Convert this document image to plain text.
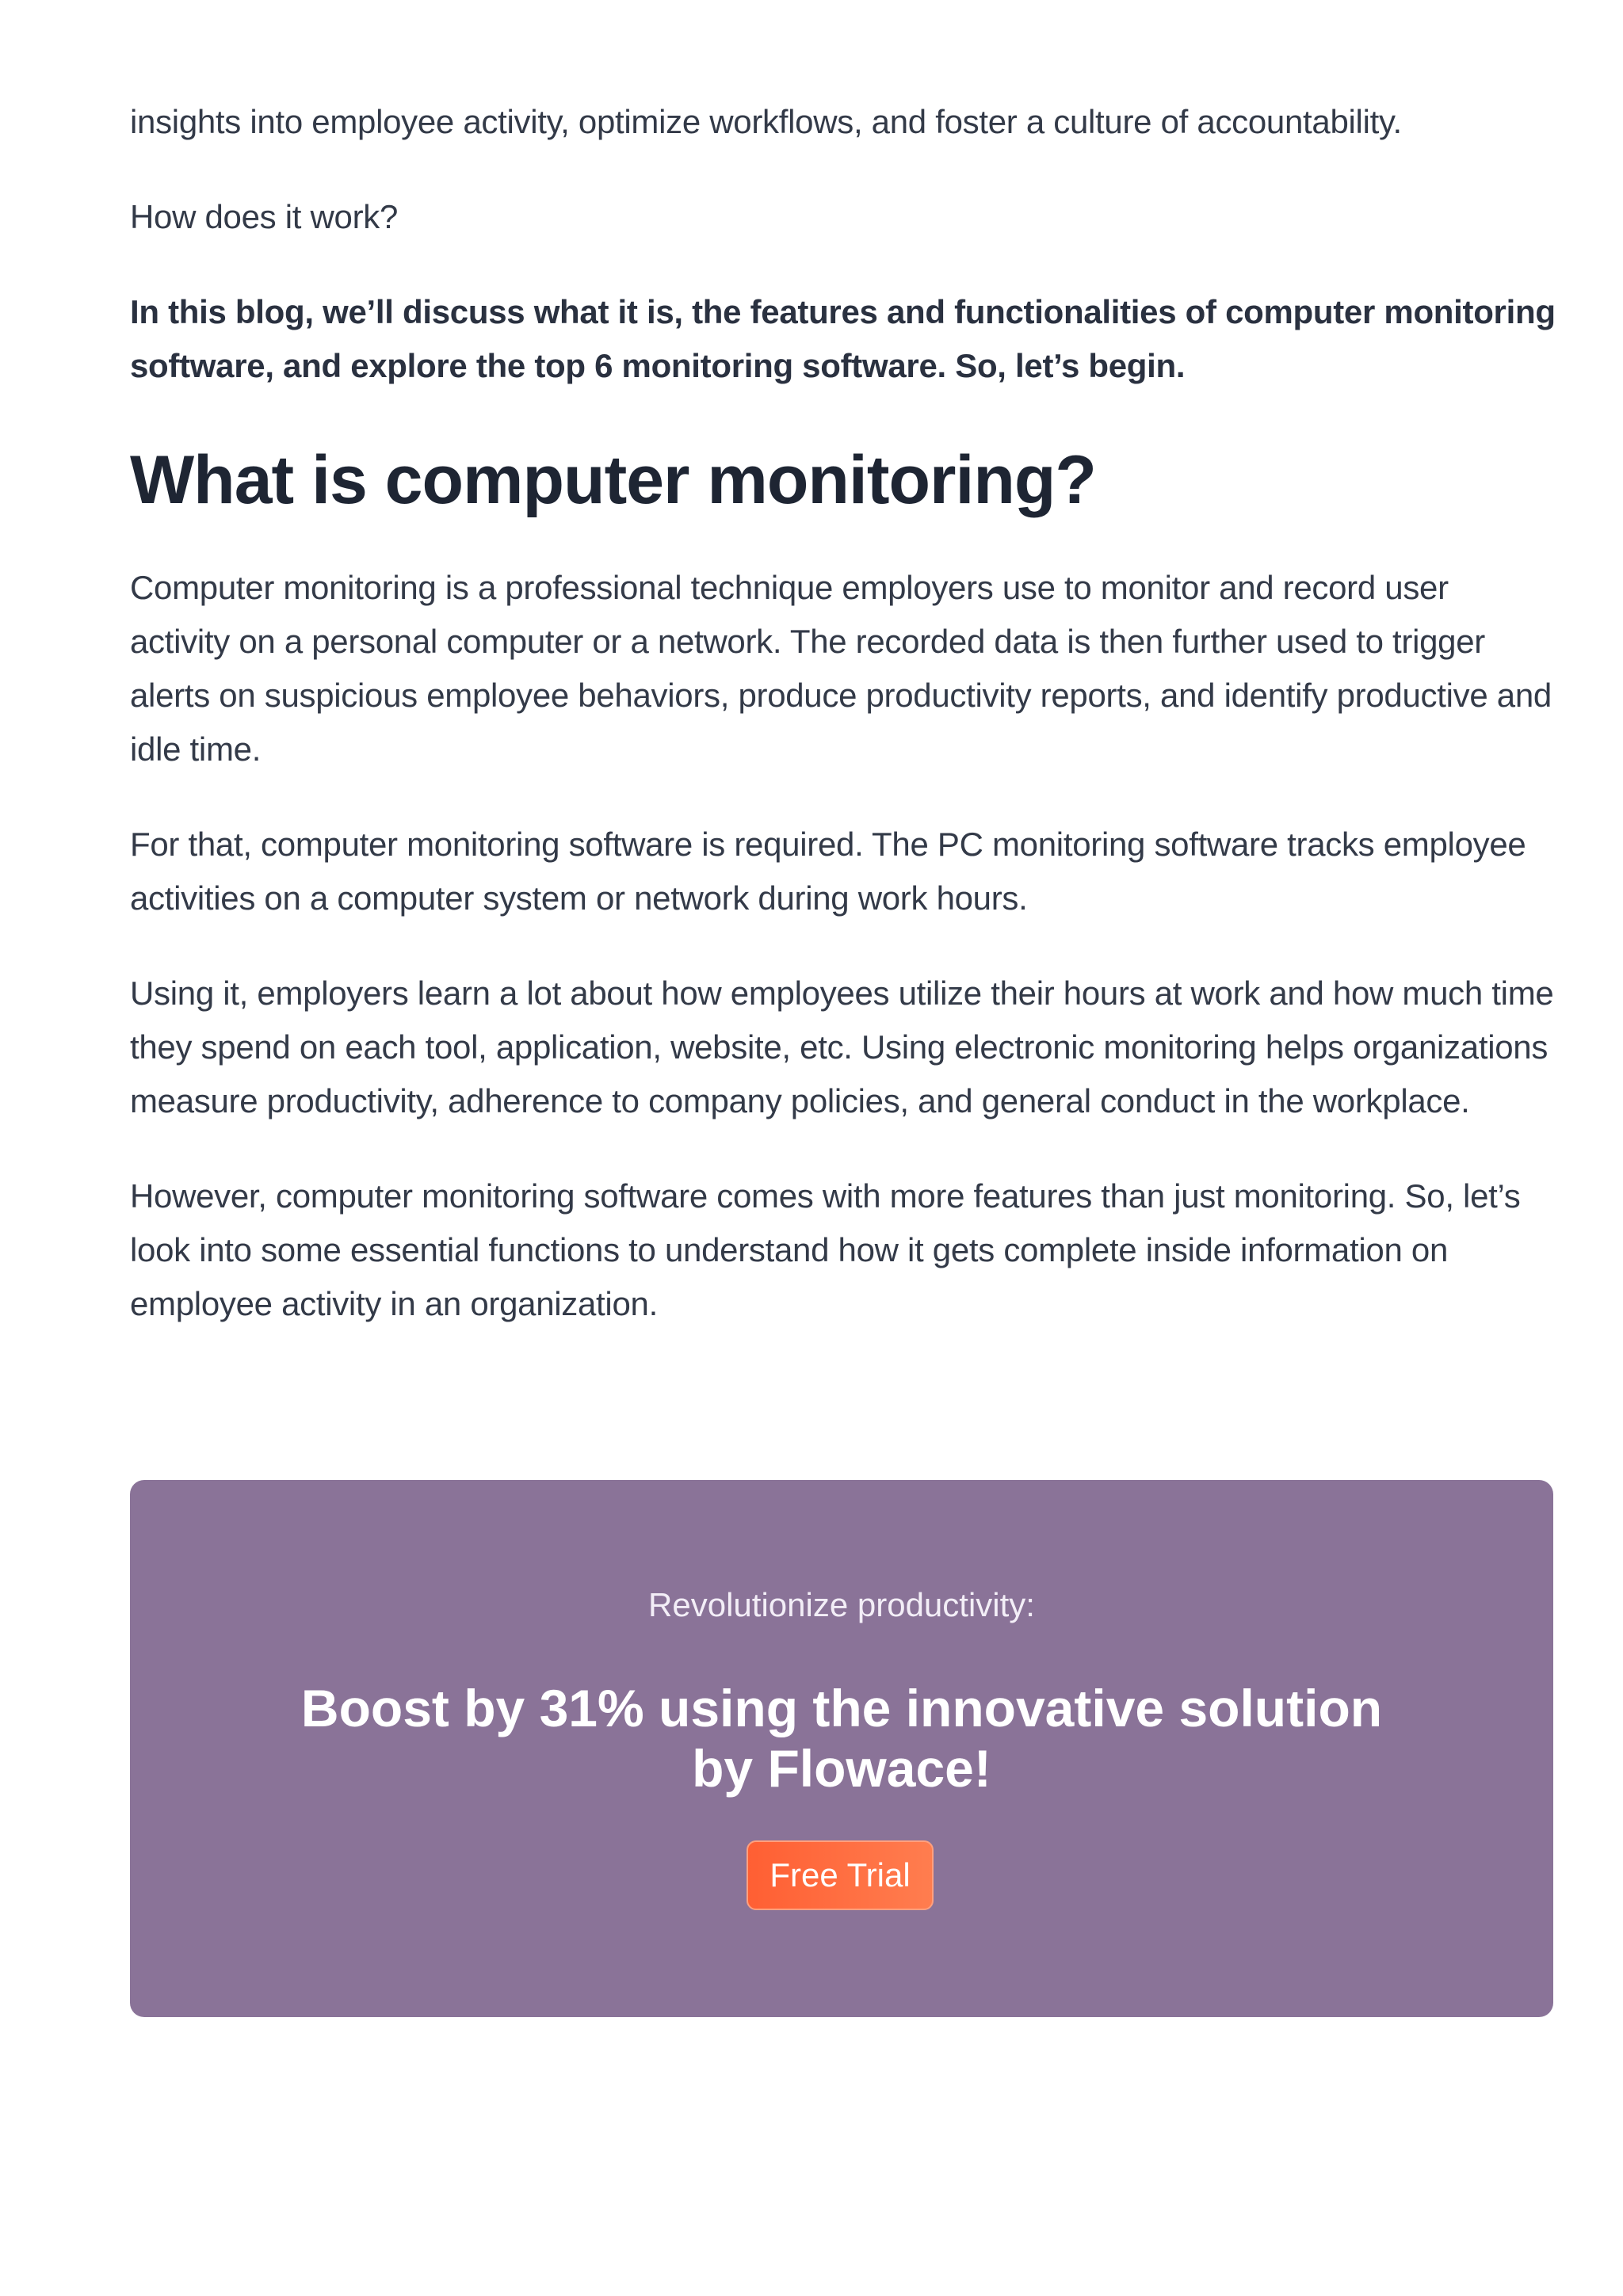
insights into employee activity, optimize workflows, and foster a culture of accountability.

How does it work?

In this blog, we’ll discuss what it is, the features and functionalities of computer monitoring software, and explore the top 6 monitoring software. So, let’s begin.

What is computer monitoring?

Computer monitoring is a professional technique employers use to monitor and record user activity on a personal computer or a network. The recorded data is then further used to trigger alerts on suspicious employee behaviors, produce productivity reports, and identify productive and idle time.

For that, computer monitoring software is required. The PC monitoring software tracks employee activities on a computer system or network during work hours.

Using it, employers learn a lot about how employees utilize their hours at work and how much time they spend on each tool, application, website, etc. Using electronic monitoring helps organizations measure productivity, adherence to company policies, and general conduct in the workplace.

However, computer monitoring software comes with more features than just monitoring. So, let’s look into some essential functions to understand how it gets complete inside information on employee activity in an organization.

Revolutionize productivity:
Boost by 31% using the innovative solution by Flowace!
Free Trial
